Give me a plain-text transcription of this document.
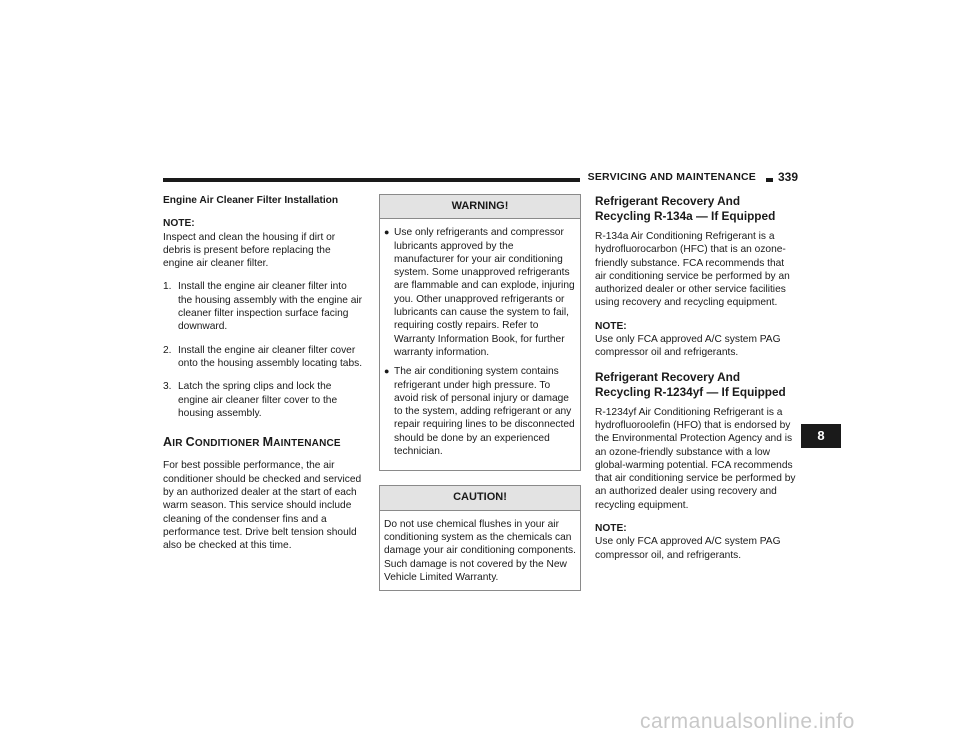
SERVICING AND MAINTENANCE	339
Engine Air Cleaner Filter Installation
NOTE:

Inspect and clean the housing if dirt or debris is present before replacing the engine air cleaner filter.

1. Install the engine air cleaner filter into the housing assembly with the engine air cleaner filter inspection surface facing downward.
2. Install the engine air cleaner filter cover onto the housing assembly locating tabs.
3. Latch the spring clips and lock the engine air cleaner filter cover to the housing assembly.
AIR CONDITIONER MAINTENANCE

For best possible performance, the air conditioner should be checked and serviced by an authorized dealer at the start of each warm season. This service should include cleaning of the condenser fins and a performance test. Drive belt tension should also be checked at this time.

WARNING!
● Use only refrigerants and compressor lubricants approved by the manufacturer for your air conditioning system. Some unapproved refrigerants are flammable and can explode, injuring you. Other unapproved refrigerants or lubricants can cause the system to fail, requiring costly repairs. Refer to Warranty Information Book, for further warranty information.
● The air conditioning system contains refrigerant under high pressure. To avoid risk of personal injury or damage to the system, adding refrigerant or any repair requiring lines to be disconnected should be done by an experienced technician.
CAUTION!

Do not use chemical flushes in your air conditioning system as the chemicals can damage your air conditioning components. Such damage is not covered by the New Vehicle Limited Warranty.

Refrigerant Recovery And Recycling R-134a — If Equipped

R-134a Air Conditioning Refrigerant is a hydrofluorocarbon (HFC) that is an ozone-friendly substance. FCA recommends that air conditioning service be performed by an authorized dealer or other service facilities using recovery and recycling equipment.

NOTE:

Use only FCA approved A/C system PAG compressor oil and refrigerants.

Refrigerant Recovery And Recycling R-1234yf — If Equipped

R-1234yf Air Conditioning Refrigerant is a hydrofluoroolefin (HFO) that is endorsed by the Environmental Protection Agency and is an ozone-friendly substance with a low global-warming potential. FCA recommends that air conditioning service be performed by an authorized dealer using recovery and recycling equipment.

NOTE:

Use only FCA approved A/C system PAG compressor oil, and refrigerants.

8
carmanualsonline.info
